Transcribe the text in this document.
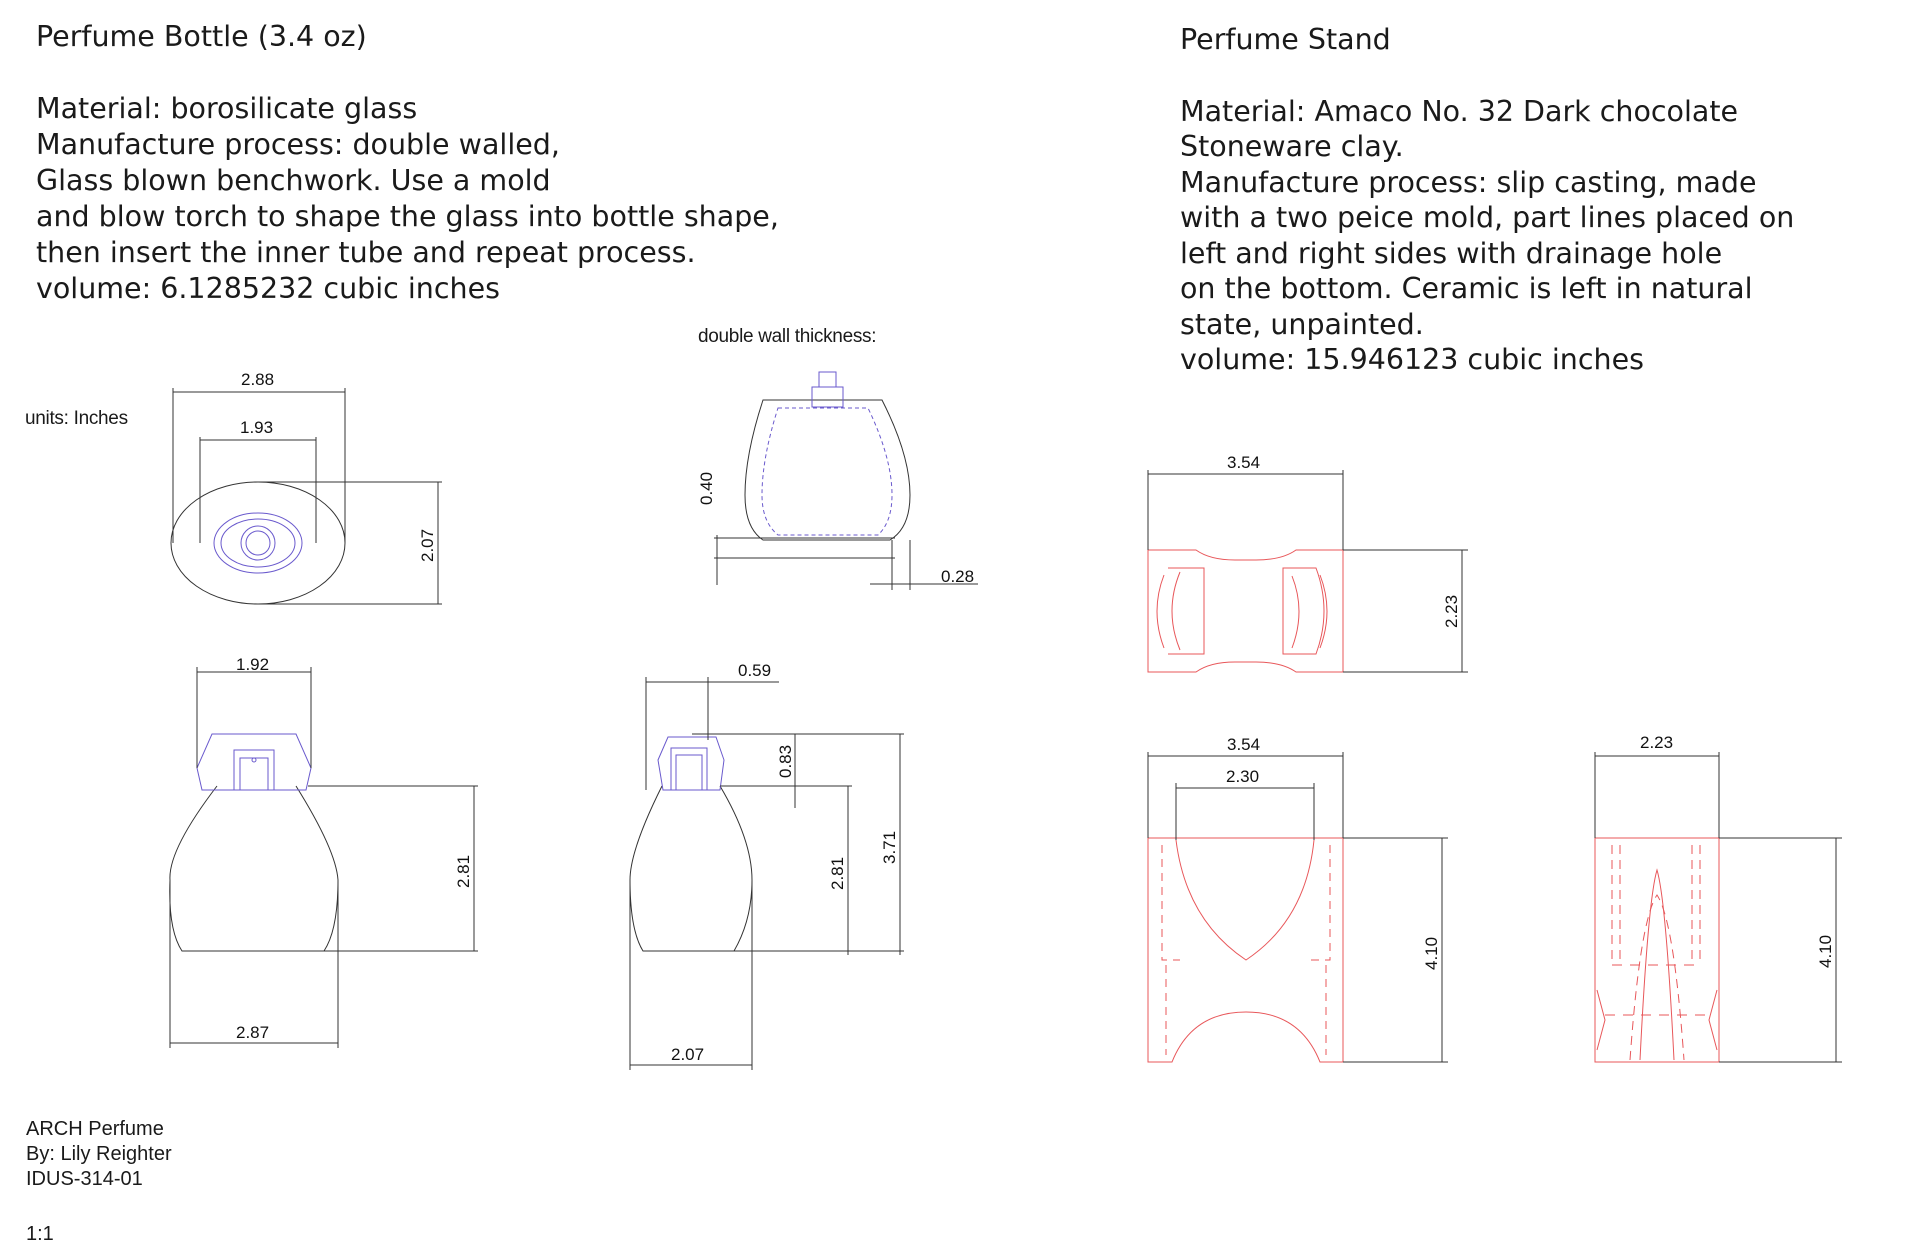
2.88
1.93
2.07
0.40
0.28
1.92
2.81
2.87
0.59
0.83
2.81
3.71
2.07
3.54
2.23
3.54
2.30
4.10
2.23
4.10
Perfume Bottle (3.4 oz)
Material: borosilicate glass
Manufacture process: double walled,
Glass blown benchwork. Use a mold
and blow torch to shape the glass into bottle shape,
then insert the inner tube and repeat process.
volume: 6.1285232 cubic inches
Perfume Stand
Material: Amaco No. 32 Dark chocolate
Stoneware clay.
Manufacture process: slip casting, made
with a two peice mold, part lines placed on
left and right sides with drainage hole
on the bottom. Ceramic is left in natural
state, unpainted.
volume: 15.946123 cubic inches
units: Inches
double wall thickness:
ARCH Perfume
By: Lily Reighter
IDUS-314-01
1:1
